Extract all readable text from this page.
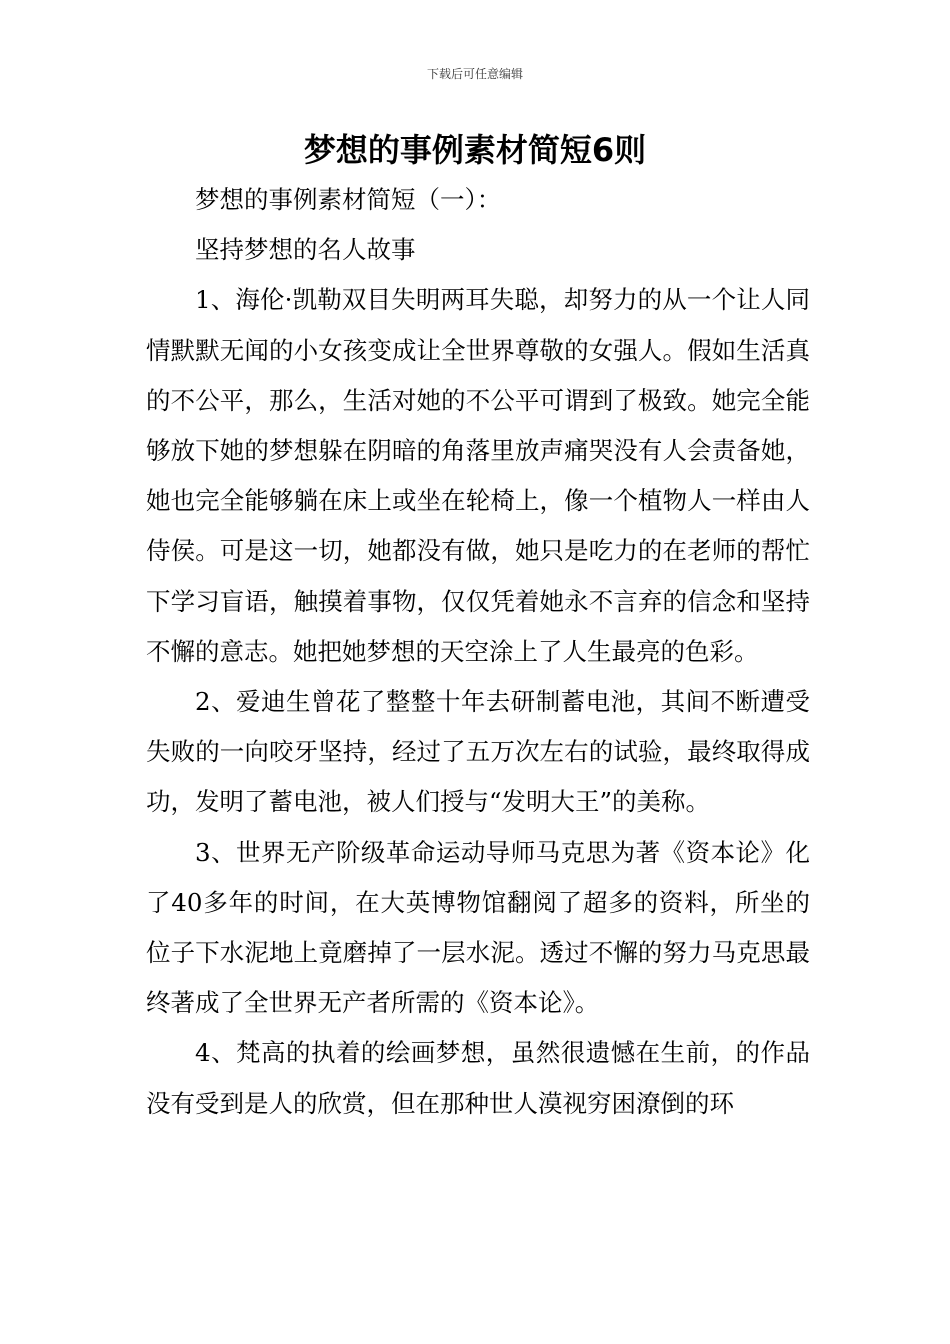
下载后可任意编辑
梦想的事例素材简短6则

梦想的事例素材简短（一）：

坚持梦想的名人故事

1、海伦·凯勒双目失明两耳失聪，却努力的从一个让人同情默默无闻的小女孩变成让全世界尊敬的女强人。假如生活真的不公平，那么，生活对她的不公平可谓到了极致。她完全能够放下她的梦想躲在阴暗的角落里放声痛哭没有人会责备她，她也完全能够躺在床上或坐在轮椅上，像一个植物人一样由人侍侯。可是这一切，她都没有做，她只是吃力的在老师的帮忙下学习盲语，触摸着事物，仅仅凭着她永不言弃的信念和坚持不懈的意志。她把她梦想的天空涂上了人生最亮的色彩。

2、爱迪生曾花了整整十年去研制蓄电池，其间不断遭受失败的一向咬牙坚持，经过了五万次左右的试验，最终取得成功，发明了蓄电池，被人们授与“发明大王”的美称。

3、世界无产阶级革命运动导师马克思为著《资本论》化了40多年的时间，在大英博物馆翻阅了超多的资料，所坐的位子下水泥地上竟磨掉了一层水泥。透过不懈的努力马克思最终著成了全世界无产者所需的《资本论》。

4、梵高的执着的绘画梦想，虽然很遗憾在生前，的作品没有受到是人的欣赏，但在那种世人漠视穷困潦倒的环
